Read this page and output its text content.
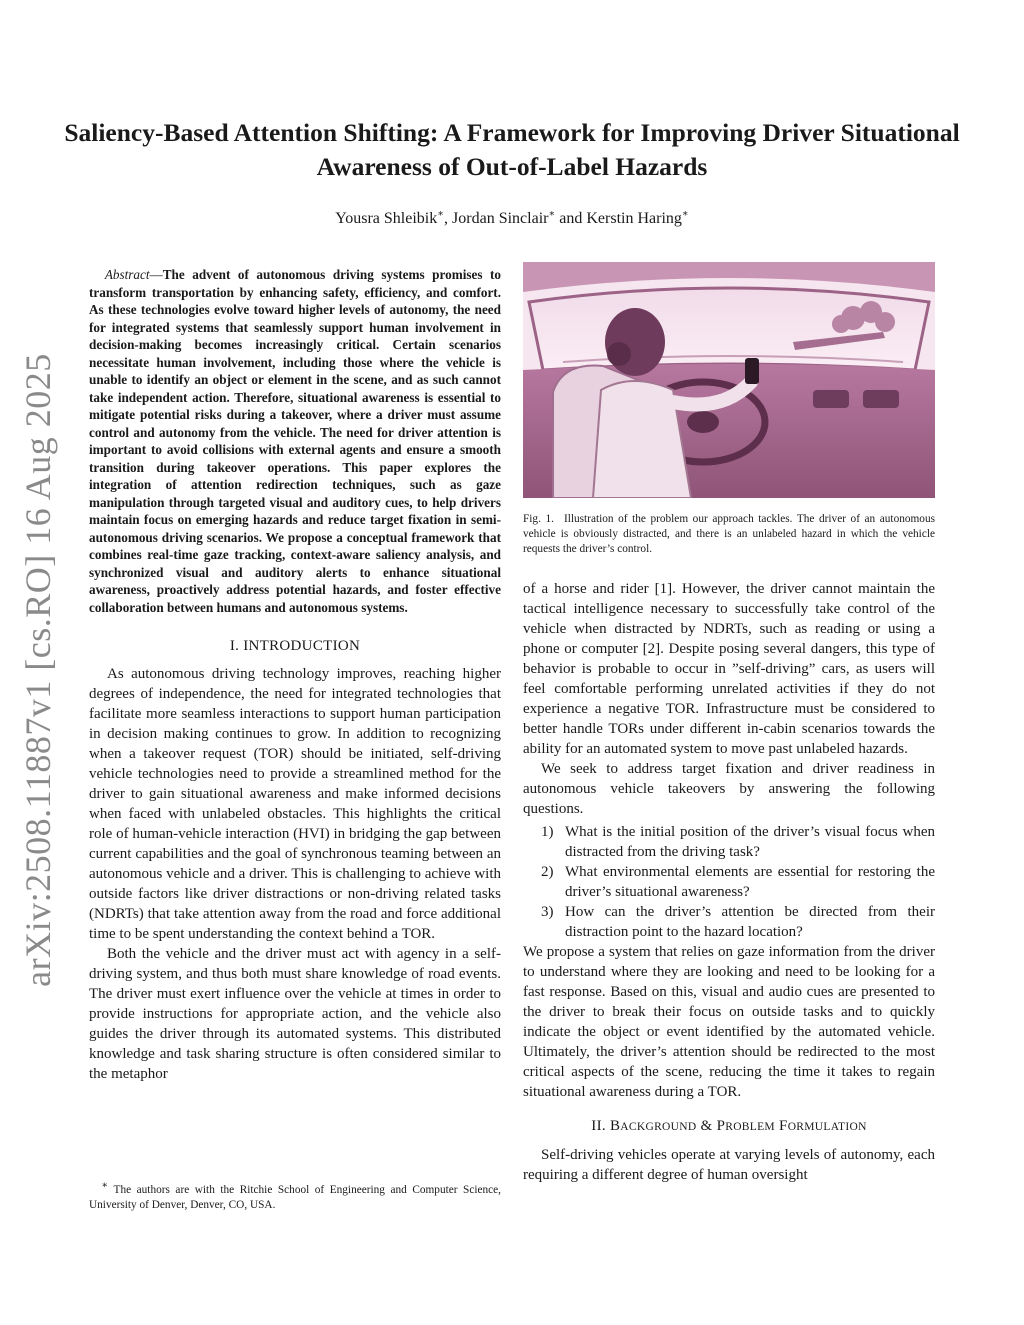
arXiv:2508.11887v1 [cs.RO] 16 Aug 2025
Saliency-Based Attention Shifting: A Framework for Improving Driver Situational Awareness of Out-of-Label Hazards
Yousra Shleibik∗, Jordan Sinclair∗ and Kerstin Haring∗

Abstract—The advent of autonomous driving systems promises to transform transportation by enhancing safety, efficiency, and comfort. As these technologies evolve toward higher levels of autonomy, the need for integrated systems that seamlessly support human involvement in decision-making becomes increasingly critical. Certain scenarios necessitate human involvement, including those where the vehicle is unable to identify an object or element in the scene, and as such cannot take independent action. Therefore, situational awareness is essential to mitigate potential risks during a takeover, where a driver must assume control and autonomy from the vehicle. The need for driver attention is important to avoid collisions with external agents and ensure a smooth transition during takeover operations. This paper explores the integration of attention redirection techniques, such as gaze manipulation through targeted visual and auditory cues, to help drivers maintain focus on emerging hazards and reduce target fixation in semi-autonomous driving scenarios. We propose a conceptual framework that combines real-time gaze tracking, context-aware saliency analysis, and synchronized visual and auditory alerts to enhance situational awareness, proactively address potential hazards, and foster effective collaboration between humans and autonomous systems.

I. INTRODUCTION

As autonomous driving technology improves, reaching higher degrees of independence, the need for integrated technologies that facilitate more seamless interactions to support human participation in decision making continues to grow. In addition to recognizing when a takeover request (TOR) should be initiated, self-driving vehicle technologies need to provide a streamlined method for the driver to gain situational awareness and make informed decisions when faced with unlabeled obstacles. This highlights the critical role of human-vehicle interaction (HVI) in bridging the gap between current capabilities and the goal of synchronous teaming between an autonomous vehicle and a driver. This is challenging to achieve with outside factors like driver distractions or non-driving related tasks (NDRTs) that take attention away from the road and force additional time to be spent understanding the context behind a TOR.

Both the vehicle and the driver must act with agency in a self-driving system, and thus both must share knowledge of road events. The driver must exert influence over the vehicle at times in order to provide instructions for appropriate action, and the vehicle also guides the driver through its automated systems. This distributed knowledge and task sharing structure is often considered similar to the metaphor

∗ The authors are with the Ritchie School of Engineering and Computer Science, University of Denver, Denver, CO, USA.

Fig. 1. Illustration of the problem our approach tackles. The driver of an autonomous vehicle is obviously distracted, and there is an unlabeled hazard in which the vehicle requests the driver’s control.

of a horse and rider [1]. However, the driver cannot maintain the tactical intelligence necessary to successfully take control of the vehicle when distracted by NDRTs, such as reading or using a phone or computer [2]. Despite posing several dangers, this type of behavior is probable to occur in ”self-driving” cars, as users will feel comfortable performing unrelated activities if they do not experience a negative TOR. Infrastructure must be considered to better handle TORs under different in-cabin scenarios towards the ability for an automated system to move past unlabeled hazards.

We seek to address target fixation and driver readiness in autonomous vehicle takeovers by answering the following questions.

1) What is the initial position of the driver’s visual focus when distracted from the driving task?
2) What environmental elements are essential for restoring the driver’s situational awareness?
3) How can the driver’s attention be directed from their distraction point to the hazard location?

We propose a system that relies on gaze information from the driver to understand where they are looking and need to be looking for a fast response. Based on this, visual and audio cues are presented to the driver to break their focus on outside tasks and to quickly indicate the object or event identified by the automated vehicle. Ultimately, the driver’s attention should be redirected to the most critical aspects of the scene, reducing the time it takes to regain situational awareness during a TOR.

II. BACKGROUND & PROBLEM FORMULATION

Self-driving vehicles operate at varying levels of autonomy, each requiring a different degree of human oversight
